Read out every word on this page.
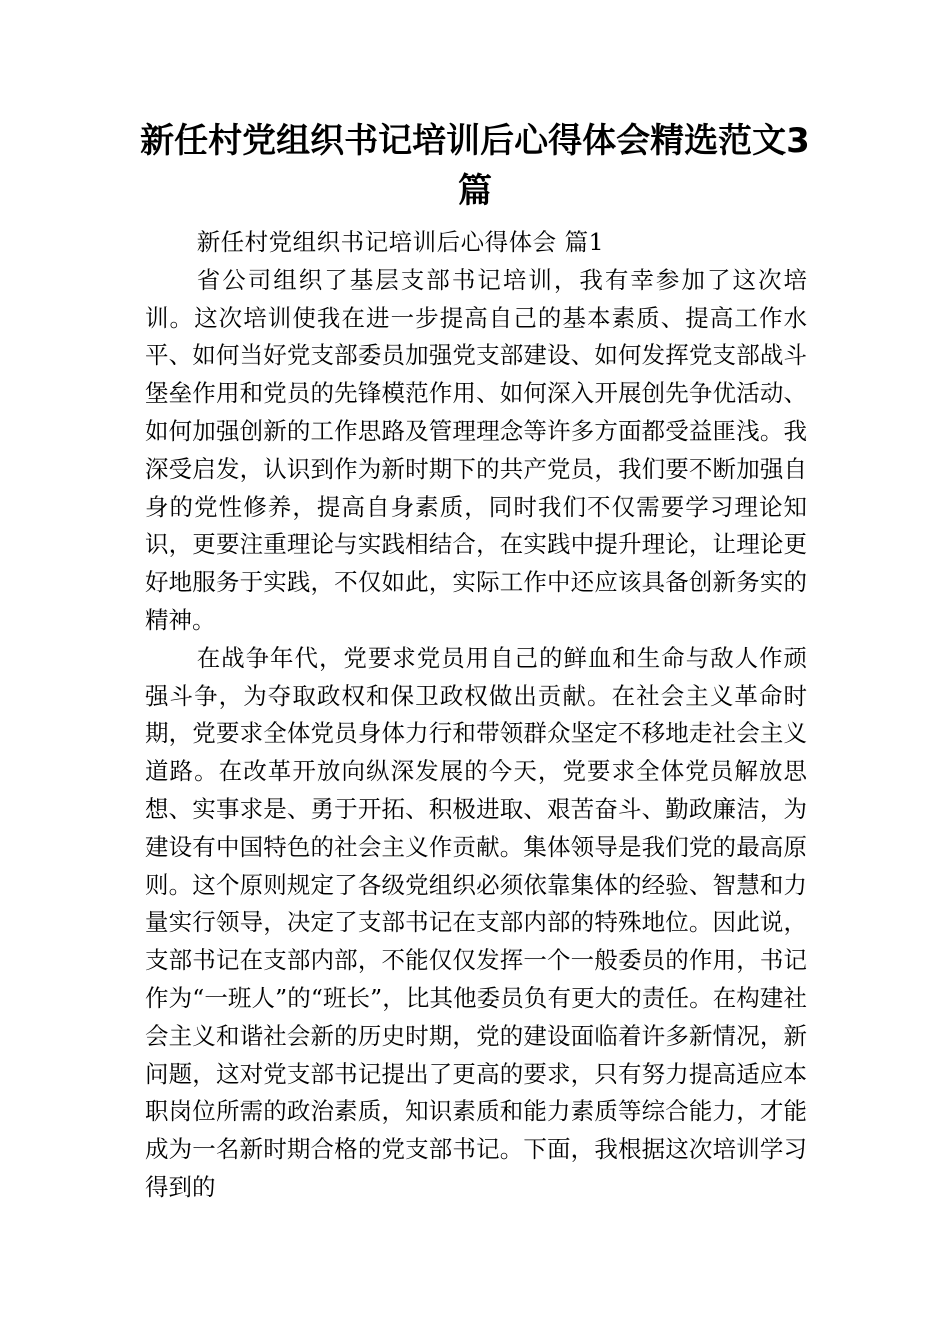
新任村党组织书记培训后心得体会精选范文3篇

新任村党组织书记培训后心得体会 篇1

省公司组织了基层支部书记培训，我有幸参加了这次培训。这次培训使我在进一步提高自己的基本素质、提高工作水平、如何当好党支部委员加强党支部建设、如何发挥党支部战斗堡垒作用和党员的先锋模范作用、如何深入开展创先争优活动、如何加强创新的工作思路及管理理念等许多方面都受益匪浅。我深受启发，认识到作为新时期下的共产党员，我们要不断加强自身的党性修养，提高自身素质，同时我们不仅需要学习理论知识，更要注重理论与实践相结合，在实践中提升理论，让理论更好地服务于实践，不仅如此，实际工作中还应该具备创新务实的精神。

在战争年代，党要求党员用自己的鲜血和生命与敌人作顽强斗争，为夺取政权和保卫政权做出贡献。在社会主义革命时期，党要求全体党员身体力行和带领群众坚定不移地走社会主义道路。在改革开放向纵深发展的今天，党要求全体党员解放思想、实事求是、勇于开拓、积极进取、艰苦奋斗、勤政廉洁，为建设有中国特色的社会主义作贡献。集体领导是我们党的最高原则。这个原则规定了各级党组织必须依靠集体的经验、智慧和力量实行领导，决定了支部书记在支部内部的特殊地位。因此说，支部书记在支部内部，不能仅仅发挥一个一般委员的作用，书记作为“一班人”的“班长”，比其他委员负有更大的责任。在构建社会主义和谐社会新的历史时期，党的建设面临着许多新情况，新问题，这对党支部书记提出了更高的要求，只有努力提高适应本职岗位所需的政治素质，知识素质和能力素质等综合能力，才能成为一名新时期合格的党支部书记。下面，我根据这次培训学习得到的
